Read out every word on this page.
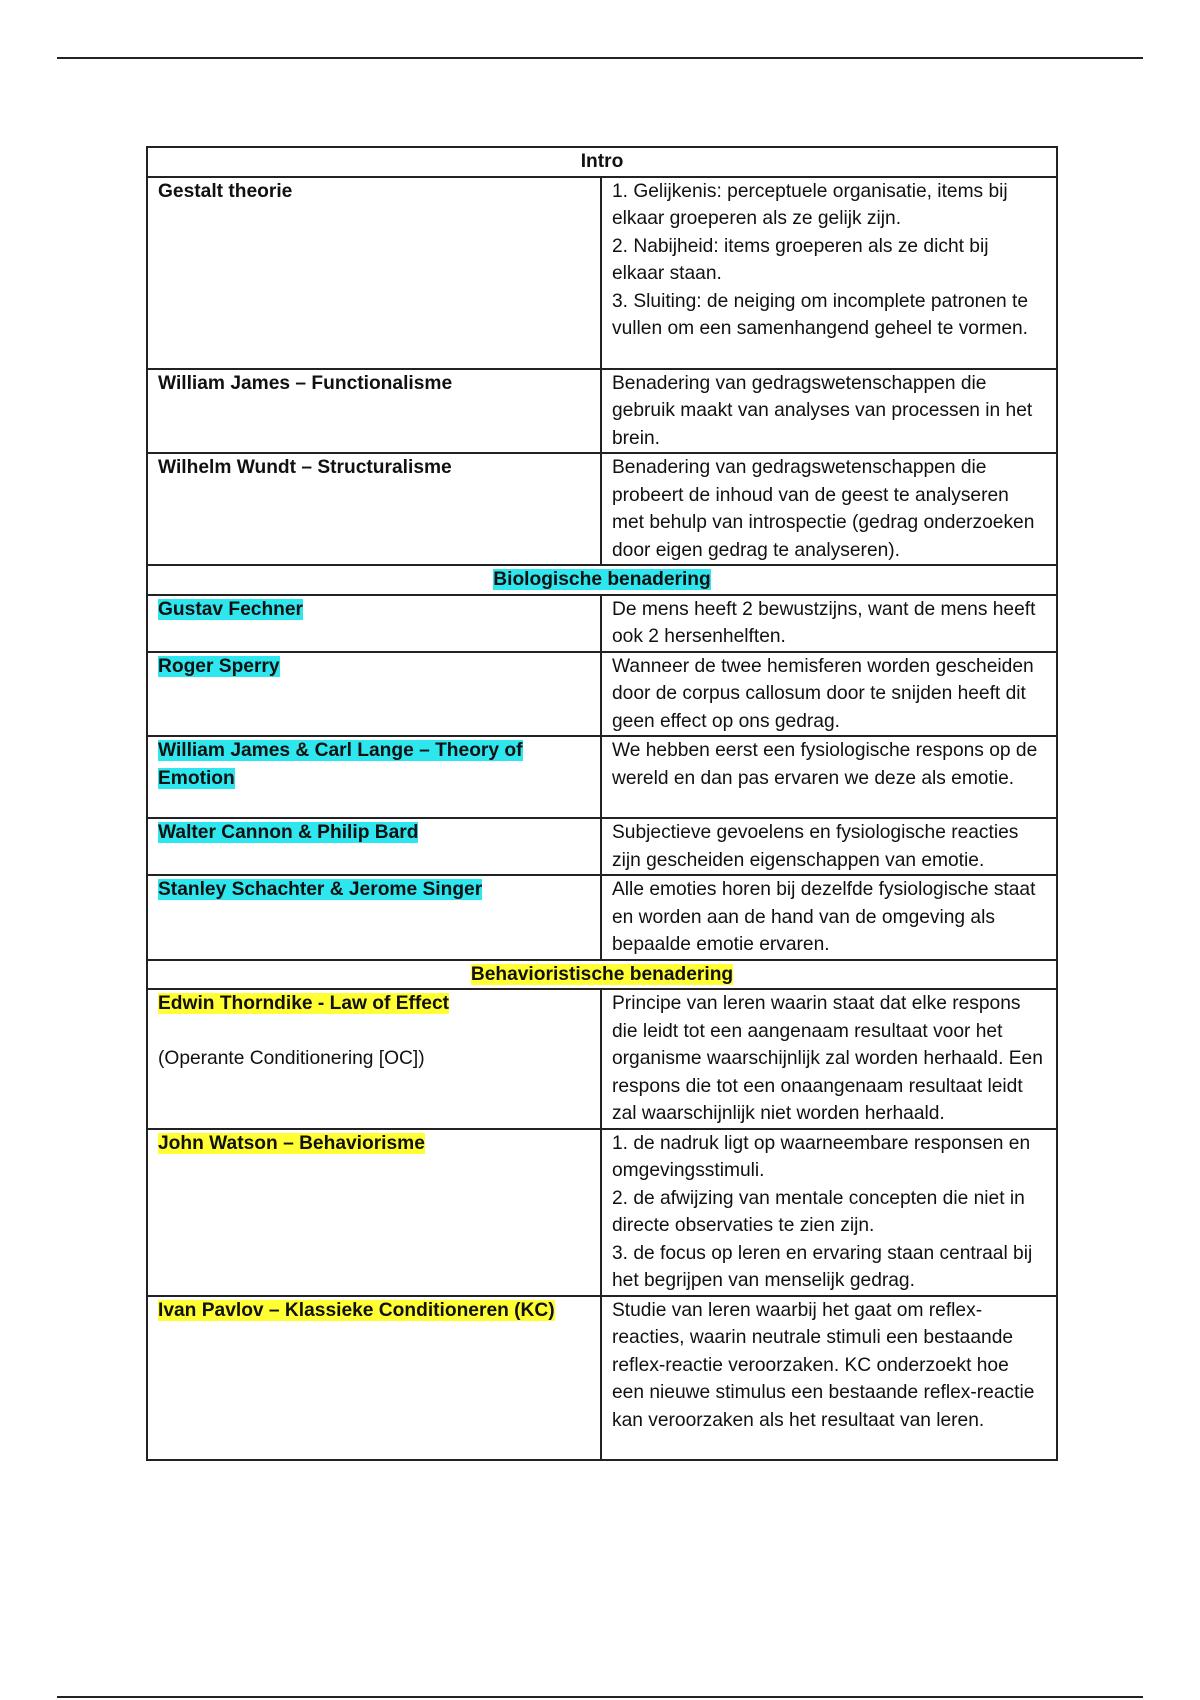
Intro	
Gestalt theorie	1. Gelijkenis: perceptuele organisatie, items bij elkaar groeperen als ze gelijk zijn.
2. Nabijheid: items groeperen als ze dicht bij elkaar staan.
3. Sluiting: de neiging om incomplete patronen te vullen om een samenhangend geheel te vormen.

William James – Functionalisme	Benadering van gedragswetenschappen die gebruik maakt van analyses van processen in het brein.
Wilhelm Wundt – Structuralisme	Benadering van gedragswetenschappen die probeert de inhoud van de geest te analyseren met behulp van introspectie (gedrag onderzoeken door eigen gedrag te analyseren).
Biologische benadering	
Gustav Fechner	De mens heeft 2 bewustzijns, want de mens heeft ook 2 hersenhelften.
Roger Sperry	Wanneer de twee hemisferen worden gescheiden door de corpus callosum door te snijden heeft dit geen effect op ons gedrag.
William James & Carl Lange – Theory of Emotion	We hebben eerst een fysiologische respons op de wereld en dan pas ervaren we deze als emotie.
Walter Cannon & Philip Bard	Subjectieve gevoelens en fysiologische reacties zijn gescheiden eigenschappen van emotie.
Stanley Schachter & Jerome Singer	Alle emoties horen bij dezelfde fysiologische staat en worden aan de hand van de omgeving als bepaalde emotie ervaren.
Behavioristische benadering	
Edwin Thorndike - Law of Effect
(Operante Conditionering [OC])	Principe van leren waarin staat dat elke respons die leidt tot een aangenaam resultaat voor het organisme waarschijnlijk zal worden herhaald. Een respons die tot een onaangenaam resultaat leidt zal waarschijnlijk niet worden herhaald.
John Watson – Behaviorisme	1. de nadruk ligt op waarneembare responsen en omgevingsstimuli.
2. de afwijzing van mentale concepten die niet in directe observaties te zien zijn.
3. de focus op leren en ervaring staan centraal bij het begrijpen van menselijk gedrag.

Ivan Pavlov – Klassieke Conditioneren (KC)	Studie van leren waarbij het gaat om reflex-reacties, waarin neutrale stimuli een bestaande reflex-reactie veroorzaken. KC onderzoekt hoe een nieuwe stimulus een bestaande reflex-reactie kan veroorzaken als het resultaat van leren.
